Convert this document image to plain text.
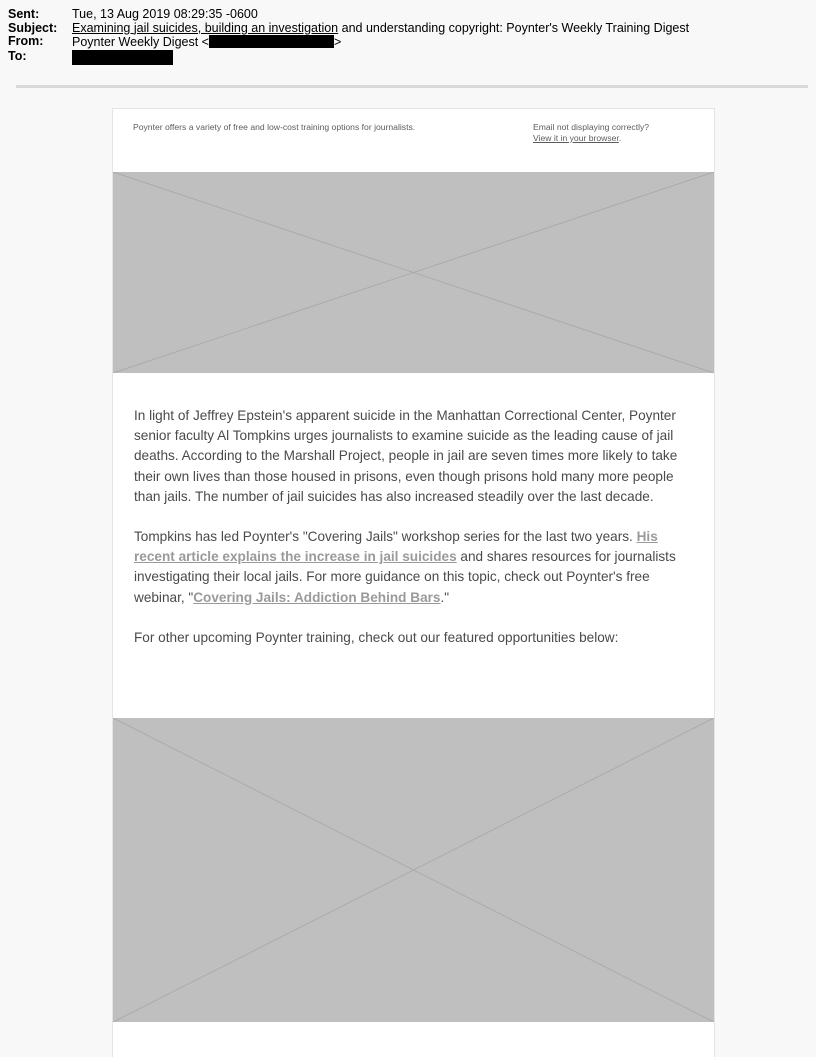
Sent:	Tue, 13 Aug 2019 08:29:35 -0600
Subject:	Examining jail suicides, building an investigation and understanding copyright: Poynter's Weekly Training Digest
From:	Poynter Weekly Digest <	>
To:
Poynter offers a variety of free and low-cost training options for journalists.	Email not displaying correctly?
View it in your browser.

In light of Jeffrey Epstein's apparent suicide in the Manhattan Correctional Center, Poynter senior faculty Al Tompkins urges journalists to examine suicide as the leading cause of jail deaths. According to the Marshall Project, people in jail are seven times more likely to take their own lives than those housed in prisons, even though prisons hold many more people than jails. The number of jail suicides has also increased steadily over the last decade.

Tompkins has led Poynter's "Covering Jails" workshop series for the last two years. His recent article explains the increase in jail suicides and shares resources for journalists investigating their local jails. For more guidance on this topic, check out Poynter's free webinar, "Covering Jails: Addiction Behind Bars."

For other upcoming Poynter training, check out our featured opportunities below:
